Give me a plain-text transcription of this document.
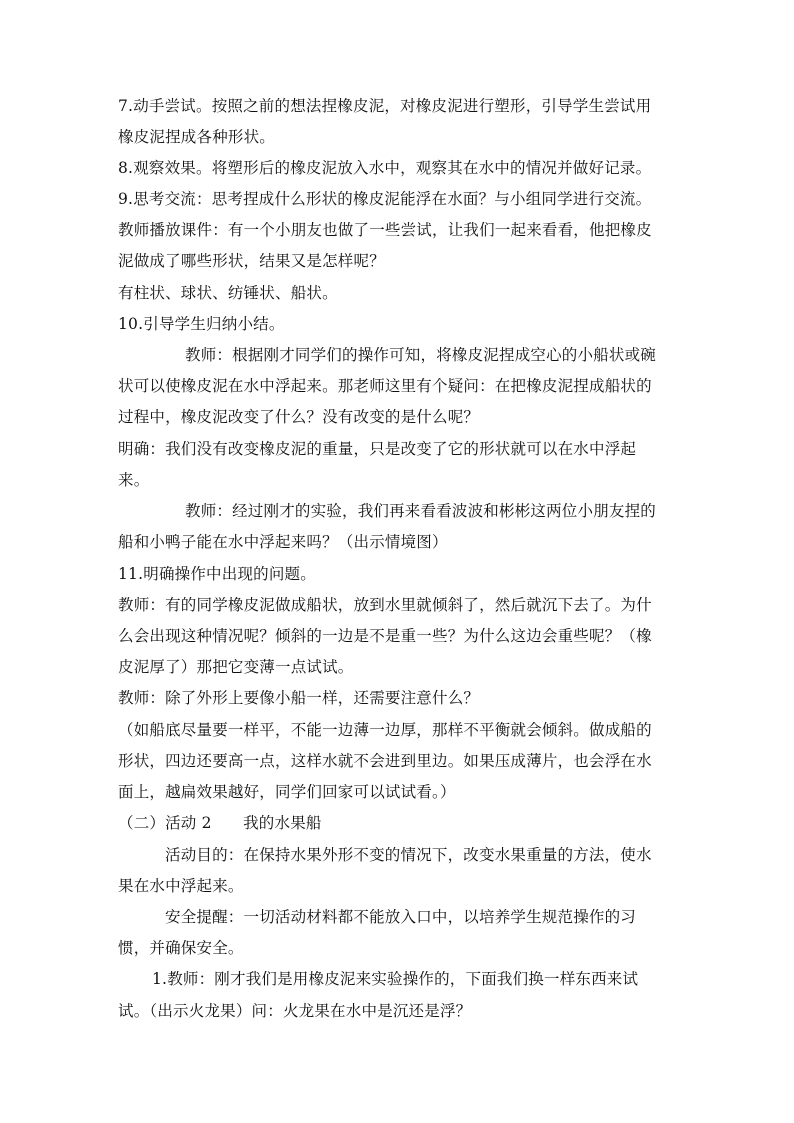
7.动手尝试。按照之前的想法捏橡皮泥，对橡皮泥进行塑形，引导学生尝试用
橡皮泥捏成各种形状。
8.观察效果。将塑形后的橡皮泥放入水中，观察其在水中的情况并做好记录。
9.思考交流：思考捏成什么形状的橡皮泥能浮在水面？与小组同学进行交流。
教师播放课件：有一个小朋友也做了一些尝试，让我们一起来看看，他把橡皮
泥做成了哪些形状，结果又是怎样呢？
有柱状、球状、纺锤状、船状。
10.引导学生归纳小结。
教师：根据刚才同学们的操作可知，将橡皮泥捏成空心的小船状或碗
状可以使橡皮泥在水中浮起来。那老师这里有个疑问：在把橡皮泥捏成船状的
过程中，橡皮泥改变了什么？没有改变的是什么呢？
明确：我们没有改变橡皮泥的重量，只是改变了它的形状就可以在水中浮起
来。
教师：经过刚才的实验，我们再来看看波波和彬彬这两位小朋友捏的
船和小鸭子能在水中浮起来吗？（出示情境图）
11.明确操作中出现的问题。
教师：有的同学橡皮泥做成船状，放到水里就倾斜了，然后就沉下去了。为什
么会出现这种情况呢？倾斜的一边是不是重一些？为什么这边会重些呢？（橡
皮泥厚了）那把它变薄一点试试。
教师：除了外形上要像小船一样，还需要注意什么？
（如船底尽量要一样平，不能一边薄一边厚，那样不平衡就会倾斜。做成船的
形状，四边还要高一点，这样水就不会进到里边。如果压成薄片，也会浮在水
面上，越扁效果越好，同学们回家可以试试看。）
（二）活动 2　　我的水果船
活动目的：在保持水果外形不变的情况下，改变水果重量的方法，使水
果在水中浮起来。
安全提醒：一切活动材料都不能放入口中，以培养学生规范操作的习
惯，并确保安全。
1.教师：刚才我们是用橡皮泥来实验操作的，下面我们换一样东西来试
试。（出示火龙果）问：火龙果在水中是沉还是浮？
